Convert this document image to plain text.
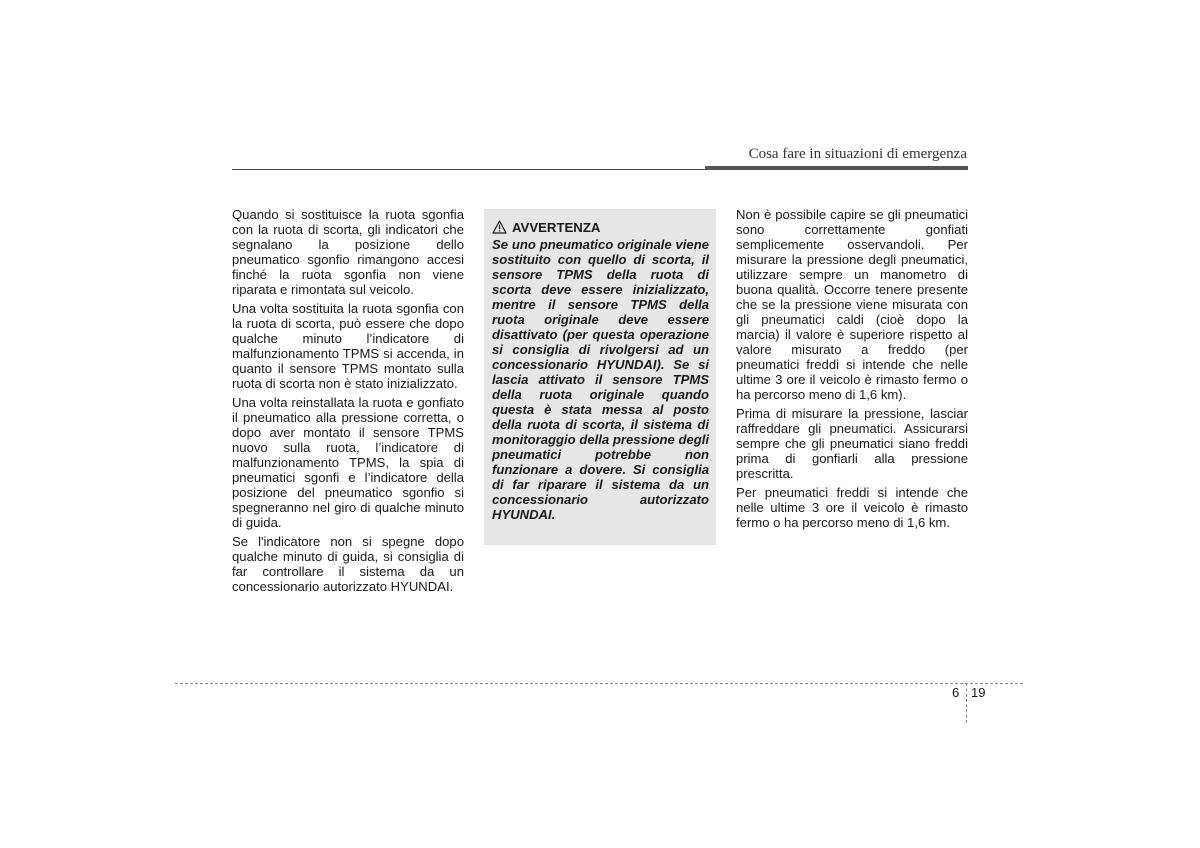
Cosa fare in situazioni di emergenza

Quando si sostituisce la ruota sgonfia con la ruota di scorta, gli indicatori che segnalano la posizione dello pneumatico sgonfio rimangono accesi finché la ruota sgonfia non viene riparata e rimontata sul veicolo.

Una volta sostituita la ruota sgonfia con la ruota di scorta, può essere che dopo qualche minuto l’indicatore di malfunzionamento TPMS si accenda, in quanto il sensore TPMS montato sulla ruota di scorta non è stato inizializzato.

Una volta reinstallata la ruota e gonfiato il pneumatico alla pressione corretta, o dopo aver montato il sensore TPMS nuovo sulla ruota, l’indicatore di malfunzionamento TPMS, la spia di pneumatici sgonfi e l’indicatore della posizione del pneumatico sgonfio si spegneranno nel giro di qualche minuto di guida.

Se l'indicatore non si spegne dopo qualche minuto di guida, si consiglia di far controllare il sistema da un concessionario autorizzato HYUNDAI.

AVVERTENZA

Se uno pneumatico originale viene sostituito con quello di scorta, il sensore TPMS della ruota di scorta deve essere inizializzato, mentre il sensore TPMS della ruota originale deve essere disattivato (per questa operazione si consiglia di rivolgersi ad un concessionario HYUNDAI). Se si lascia attivato il sensore TPMS della ruota originale quando questa è stata messa al posto della ruota di scorta, il sistema di monitoraggio della pressione degli pneumatici potrebbe non funzionare a dovere. Si consiglia di far riparare il sistema da un concessionario autorizzato HYUNDAI.

Non è possibile capire se gli pneumatici sono correttamente gonfiati semplicemente osservandoli. Per misurare la pressione degli pneumatici, utilizzare sempre un manometro di buona qualità. Occorre tenere presente che se la pressione viene misurata con gli pneumatici caldi (cioè dopo la marcia) il valore è superiore rispetto al valore misurato a freddo (per pneumatici freddi si intende che nelle ultime 3 ore il veicolo è rimasto fermo o ha percorso meno di 1,6 km).

Prima di misurare la pressione, lasciar raffreddare gli pneumatici. Assicurarsi sempre che gli pneumatici siano freddi prima di gonfiarli alla pressione prescritta.

Per pneumatici freddi si intende che nelle ultime 3 ore il veicolo è rimasto fermo o ha percorso meno di 1,6 km.

6 19
